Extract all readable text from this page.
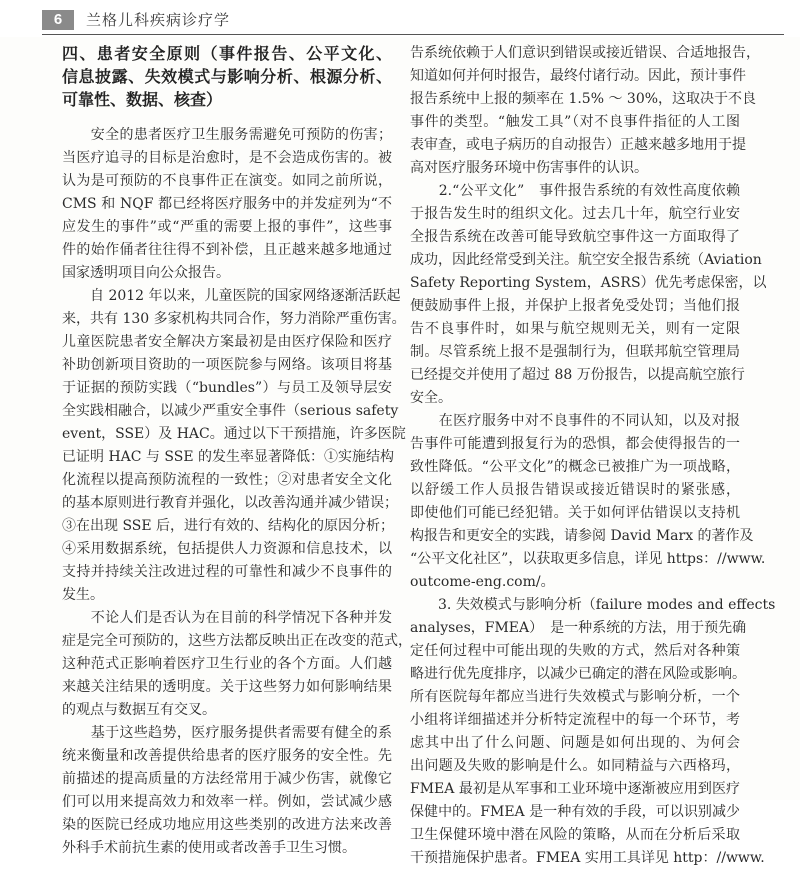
6	兰格儿科疾病诊疗学
四、患者安全原则（事件报告、公平文化、
信息披露、失效模式与影响分析、根源分析、
可靠性、数据、核查）
　　安全的患者医疗卫生服务需避免可预防的伤害；
当医疗追寻的目标是治愈时，是不会造成伤害的。被
认为是可预防的不良事件正在演变。如同之前所说，
CMS 和 NQF 都已经将医疗服务中的并发症列为“不
应发生的事件”或“严重的需要上报的事件”，这些事
件的始作俑者往往得不到补偿，且正越来越多地通过
国家透明项目向公众报告。
　　自 2012 年以来，儿童医院的国家网络逐渐活跃起
来，共有 130 多家机构共同合作，努力消除严重伤害。
儿童医院患者安全解决方案最初是由医疗保险和医疗
补助创新项目资助的一项医院参与网络。该项目将基
于证据的预防实践（“bundles”）与员工及领导层安
全实践相融合，以减少严重安全事件（serious safety
event，SSE）及 HAC。通过以下干预措施，许多医院
已证明 HAC 与 SSE 的发生率显著降低：①实施结构
化流程以提高预防流程的一致性；②对患者安全文化
的基本原则进行教育并强化，以改善沟通并减少错误；
③在出现 SSE 后，进行有效的、结构化的原因分析；
④采用数据系统，包括提供人力资源和信息技术，以
支持并持续关注改进过程的可靠性和减少不良事件的
发生。
　　不论人们是否认为在目前的科学情况下各种并发
症是完全可预防的，这些方法都反映出正在改变的范式，
这种范式正影响着医疗卫生行业的各个方面。人们越
来越关注结果的透明度。关于这些努力如何影响结果
的观点与数据互有交叉。
　　基于这些趋势，医疗服务提供者需要有健全的系
统来衡量和改善提供给患者的医疗服务的安全性。先
前描述的提高质量的方法经常用于减少伤害，就像它
们可以用来提高效力和效率一样。例如，尝试减少感
染的医院已经成功地应用这些类别的改进方法来改善
外科手术前抗生素的使用或者改善手卫生习惯。
告系统依赖于人们意识到错误或接近错误、合适地报告，
知道如何并何时报告，最终付诸行动。因此，预计事件
报告系统中上报的频率在 1.5% ～ 30%，这取决于不良
事件的类型。“触发工具”（对不良事件指征的人工图
表审查，或电子病历的自动报告）正越来越多地用于提
高对医疗服务环境中伤害事件的认识。
　　2.“公平文化”　事件报告系统的有效性高度依赖
于报告发生时的组织文化。过去几十年，航空行业安
全报告系统在改善可能导致航空事件这一方面取得了
成功，因此经常受到关注。航空安全报告系统（Aviation
Safety Reporting System，ASRS）优先考虑保密，以
便鼓励事件上报，并保护上报者免受处罚；当他们报
告不良事件时，如果与航空规则无关，则有一定限
制。尽管系统上报不是强制行为，但联邦航空管理局
已经提交并使用了超过 88 万份报告，以提高航空旅行
安全。
　　在医疗服务中对不良事件的不同认知，以及对报
告事件可能遭到报复行为的恐惧，都会使得报告的一
致性降低。“公平文化”的概念已被推广为一项战略，
以舒缓工作人员报告错误或接近错误时的紧张感，
即使他们可能已经犯错。关于如何评估错误以支持机
构报告和更安全的实践，请参阅 David Marx 的著作及
“公平文化社区”，以获取更多信息，详见 https：//www.
outcome-eng.com/。
　　3. 失效模式与影响分析（failure modes and effects
analyses，FMEA）　是一种系统的方法，用于预先确
定任何过程中可能出现的失败的方式，然后对各种策
略进行优先度排序，以减少已确定的潜在风险或影响。
所有医院每年都应当进行失效模式与影响分析，一个
小组将详细描述并分析特定流程中的每一个环节，考
虑其中出了什么问题、问题是如何出现的、为何会
出问题及失败的影响是什么。如同精益与六西格玛，
FMEA 最初是从军事和工业环境中逐渐被应用到医疗
保健中的。FMEA 是一种有效的手段，可以识别减少
卫生保健环境中潜在风险的策略，从而在分析后采取
干预措施保护患者。FMEA 实用工具详见 http：//www.
